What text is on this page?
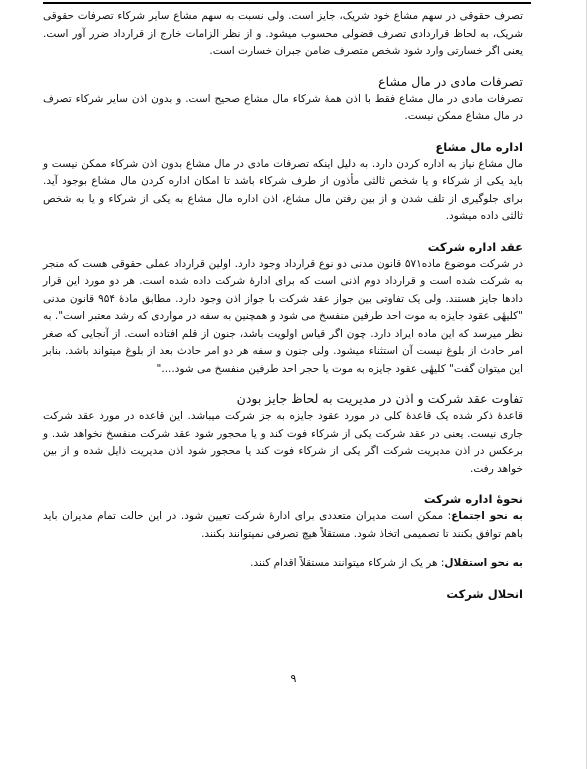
تصرف حقوقی در سهم مشاع خود شریک، جایز است. ولی نسبت به سهم مشاع سایر شرکاء تصرفات حقوقی شریک، به لحاظ قراردادی تصرف فضولی محسوب میشود. و از نظر الزامات خارج از قرارداد ضرر آور است. یعنی اگر خسارتی وارد شود شخص متصرف ضامن جبران خسارت است.

تصرفات مادی در مال مشاع

تصرفات مادی در مال مشاع فقط با اذن همهٔ شرکاء مال مشاع صحیح است. و بدون اذن سایر شرکاء تصرف در مال مشاع ممکن نیست.

اداره مال مشاع

مال مشاع نیاز به اداره کردن دارد. به دلیل اینکه تصرفات مادی در مال مشاع بدون اذن شرکاء ممکن نیست و باید یکی از شرکاء و یا شخص ثالثی مأذون از طرف شرکاء باشد تا امکان اداره کردن مال مشاع بوجود آید. برای جلوگیری از تلف شدن و از بین رفتن مال مشاع، اذن اداره مال مشاع به یکی از شرکاء و یا به شخص ثالثی داده میشود.

عقد اداره شرکت

در شرکت موضوع ماده۵۷۱ قانون مدنی دو نوع قرارداد وجود دارد. اولین قرارداد عملی حقوقی هست که منجر به شرکت شده است و قرارداد دوم اذنی است که برای ادارهٔ شرکت داده شده است. هر دو مورد این قرار دادها جایز هستند. ولی یک تفاوتی بین جواز عقد شرکت با جواز اذن وجود دارد. مطابق مادهٔ ۹۵۴ قانون مدنی "کلیهٔی عقود جایزه به موت احد طرفین منفسخ می شود و همچنین به سفه در مواردی که رشد معتبر است". به نظر میرسد که این ماده ایراد دارد. چون اگر قیاس اولویت باشد، جنون از قلم افتاده است. از آنجایی که صغر امر حادث از بلوغ نیست آن استثناء میشود. ولی جنون و سفه هر دو امر حادث بعد از بلوغ میتواند باشد. بنابر این میتوان گفت" کلیهٔی عقود جایزه به موت یا حجر احد طرفین منفسخ می شود...."

تفاوت عقد شرکت و اذن در مدیریت به لحاظ جایز بودن

قاعدهٔ ذکر شده یک قاعدهٔ کلی در مورد عقود جایزه به جز شرکت میباشد. این قاعده در مورد عقد شرکت جاری نیست. یعنی در عقد شرکت یکی از شرکاء فوت کند و یا محجور شود عقد شرکت منفسخ نخواهد شد. و برعکس در اذن مدیریت شرکت اگر یکی از شرکاء فوت کند یا محجور شود اذن مدیریت ذایل شده و از بین خواهد رفت.

نحوهٔ اداره شرکت

به نحو اجتماع: ممکن است مدیران متعددی برای ادارهٔ شرکت تعیین شود. در این حالت تمام مدیران باید باهم توافق بکنند تا تصمیمی اتخاذ شود. مستقلاً هیچ تصرفی نمیتوانند بکنند.

به نحو استقلال: هر یک از شرکاء میتوانند مستقلاً اقدام کنند.

انحلال شرکت
۹
